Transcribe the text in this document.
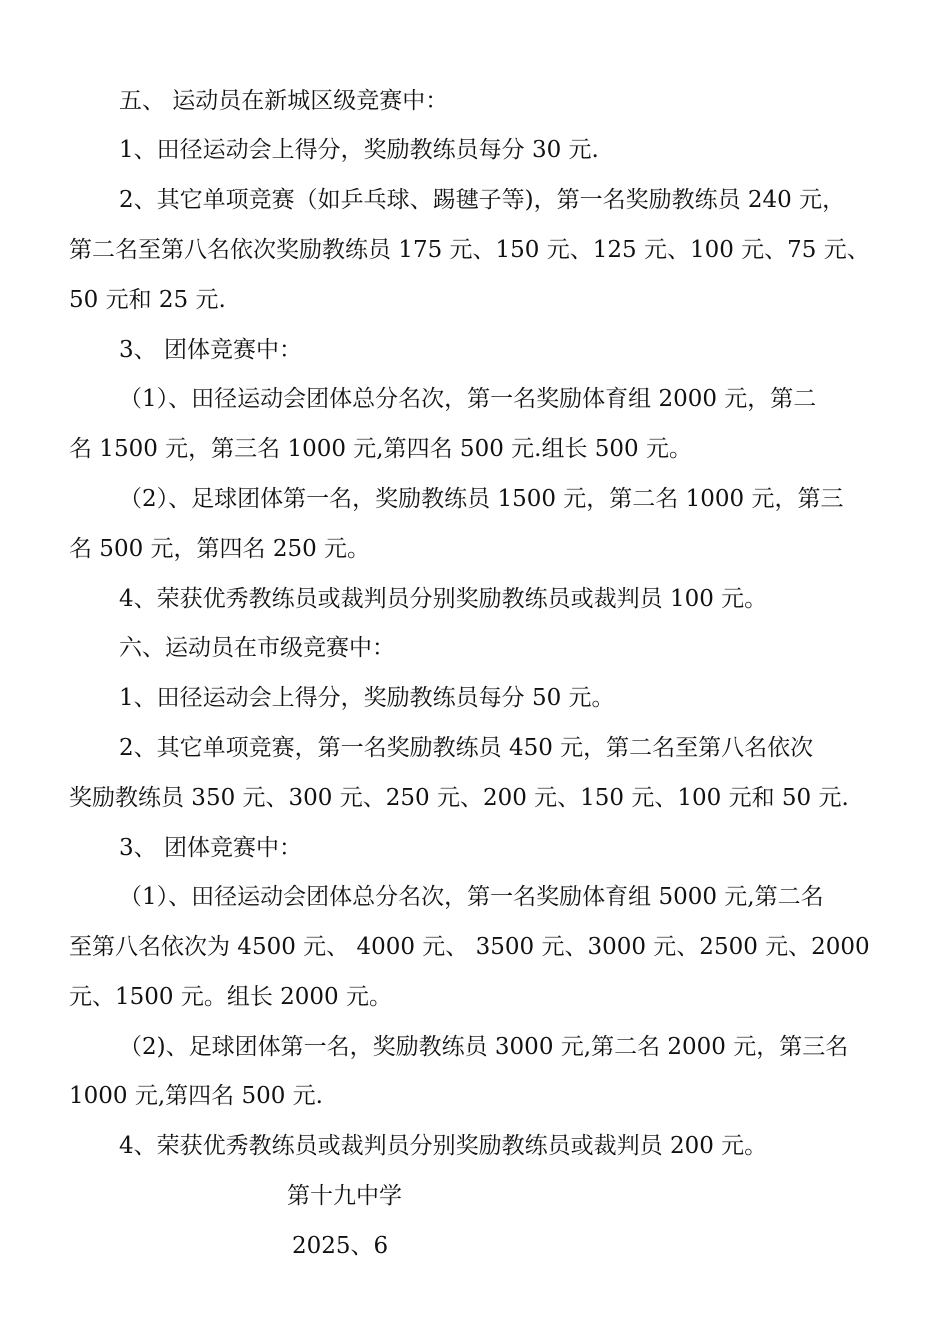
五、 运动员在新城区级竞赛中：
1、田径运动会上得分，奖励教练员每分 30 元.
2、其它单项竞赛（如乒乓球、踢毽子等)，第一名奖励教练员 240 元，
第二名至第八名依次奖励教练员 175 元、150 元、125 元、100 元、75 元、
50 元和 25 元.
3、 团体竞赛中：
（1）、田径运动会团体总分名次，第一名奖励体育组 2000 元，第二
名 1500 元，第三名 1000 元,第四名 500 元.组长 500 元。
（2）、足球团体第一名，奖励教练员 1500 元，第二名 1000 元，第三
名 500 元，第四名 250 元。
4、荣获优秀教练员或裁判员分别奖励教练员或裁判员 100 元。
六、运动员在市级竞赛中：
1、田径运动会上得分，奖励教练员每分 50 元。
2、其它单项竞赛，第一名奖励教练员 450 元，第二名至第八名依次
奖励教练员 350 元、300 元、250 元、200 元、150 元、100 元和 50 元.
3、 团体竞赛中：
（1）、田径运动会团体总分名次，第一名奖励体育组 5000 元,第二名
至第八名依次为 4500 元、 4000 元、 3500 元、3000 元、2500 元、2000
元、1500 元。组长 2000 元。
（2)、足球团体第一名，奖励教练员 3000 元,第二名 2000 元，第三名
1000 元,第四名 500 元.
4、荣获优秀教练员或裁判员分别奖励教练员或裁判员 200 元。
第十九中学
2025、6
